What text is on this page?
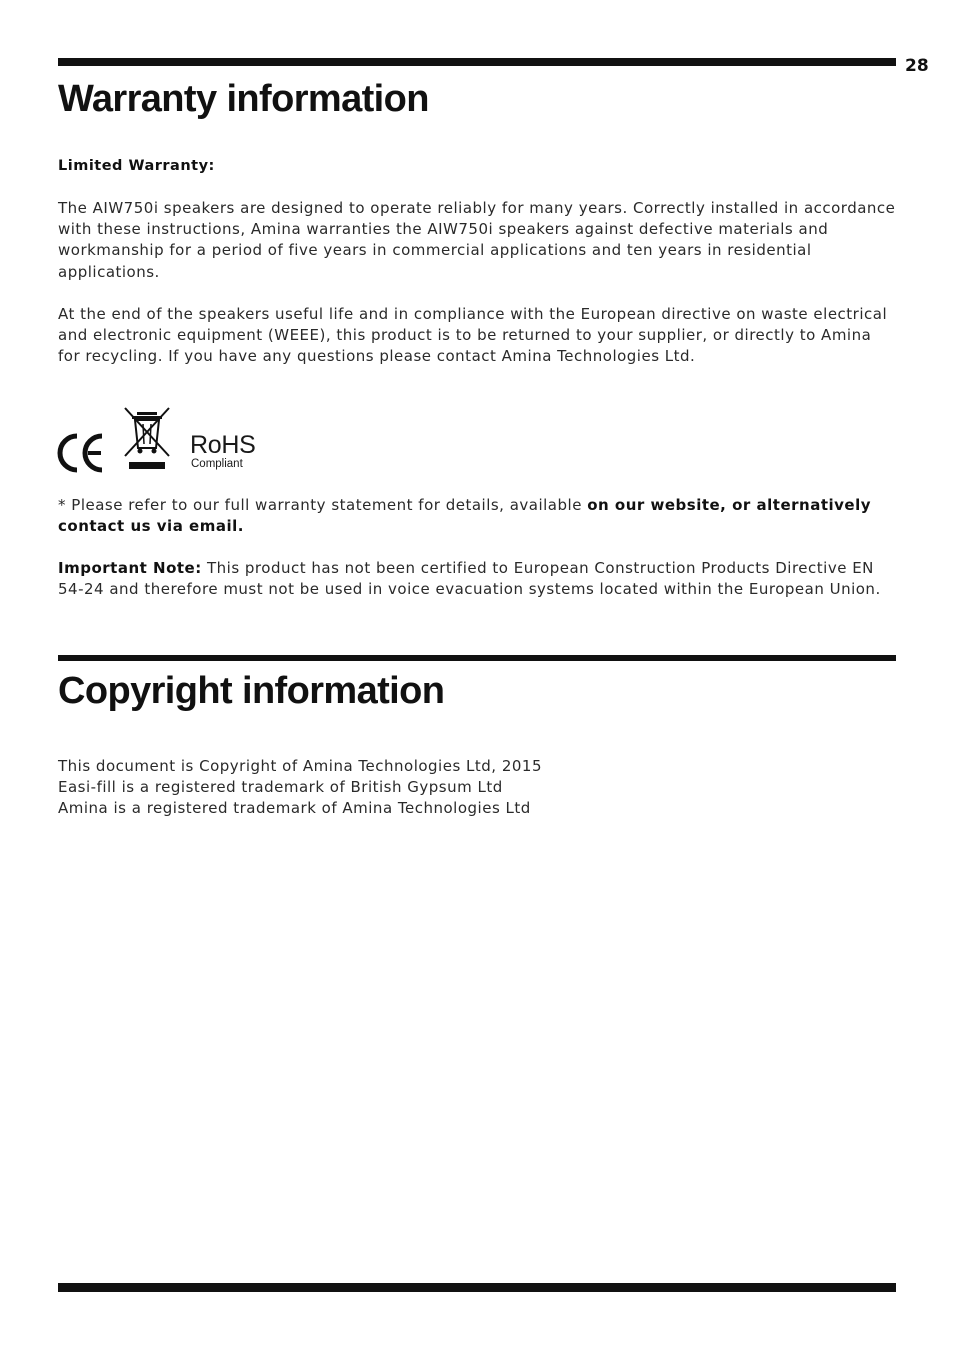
28
Warranty information

Limited Warranty:

The AIW750i speakers are designed to operate reliably for many years. Correctly installed in accordance with these instructions, Amina warranties the AIW750i speakers against defective materials and workmanship for a period of five years in commercial applications and ten years in residential applications.

At the end of the speakers useful life and in compliance with the European directive on waste electrical and electronic equipment (WEEE), this product is to be returned to your supplier, or directly to Amina for recycling. If you have any questions please contact Amina Technologies Ltd.

RoHS
Compliant

* Please refer to our full warranty statement for details, available on our website, or alternatively contact us via email.

Important Note: This product has not been certified to European Construction Products Directive EN 54-24 and therefore must not be used in voice evacuation systems located within the European Union.

Copyright information
This document is Copyright of Amina Technologies Ltd, 2015
Easi-fill is a registered trademark of British Gypsum Ltd
Amina is a registered trademark of Amina Technologies Ltd
